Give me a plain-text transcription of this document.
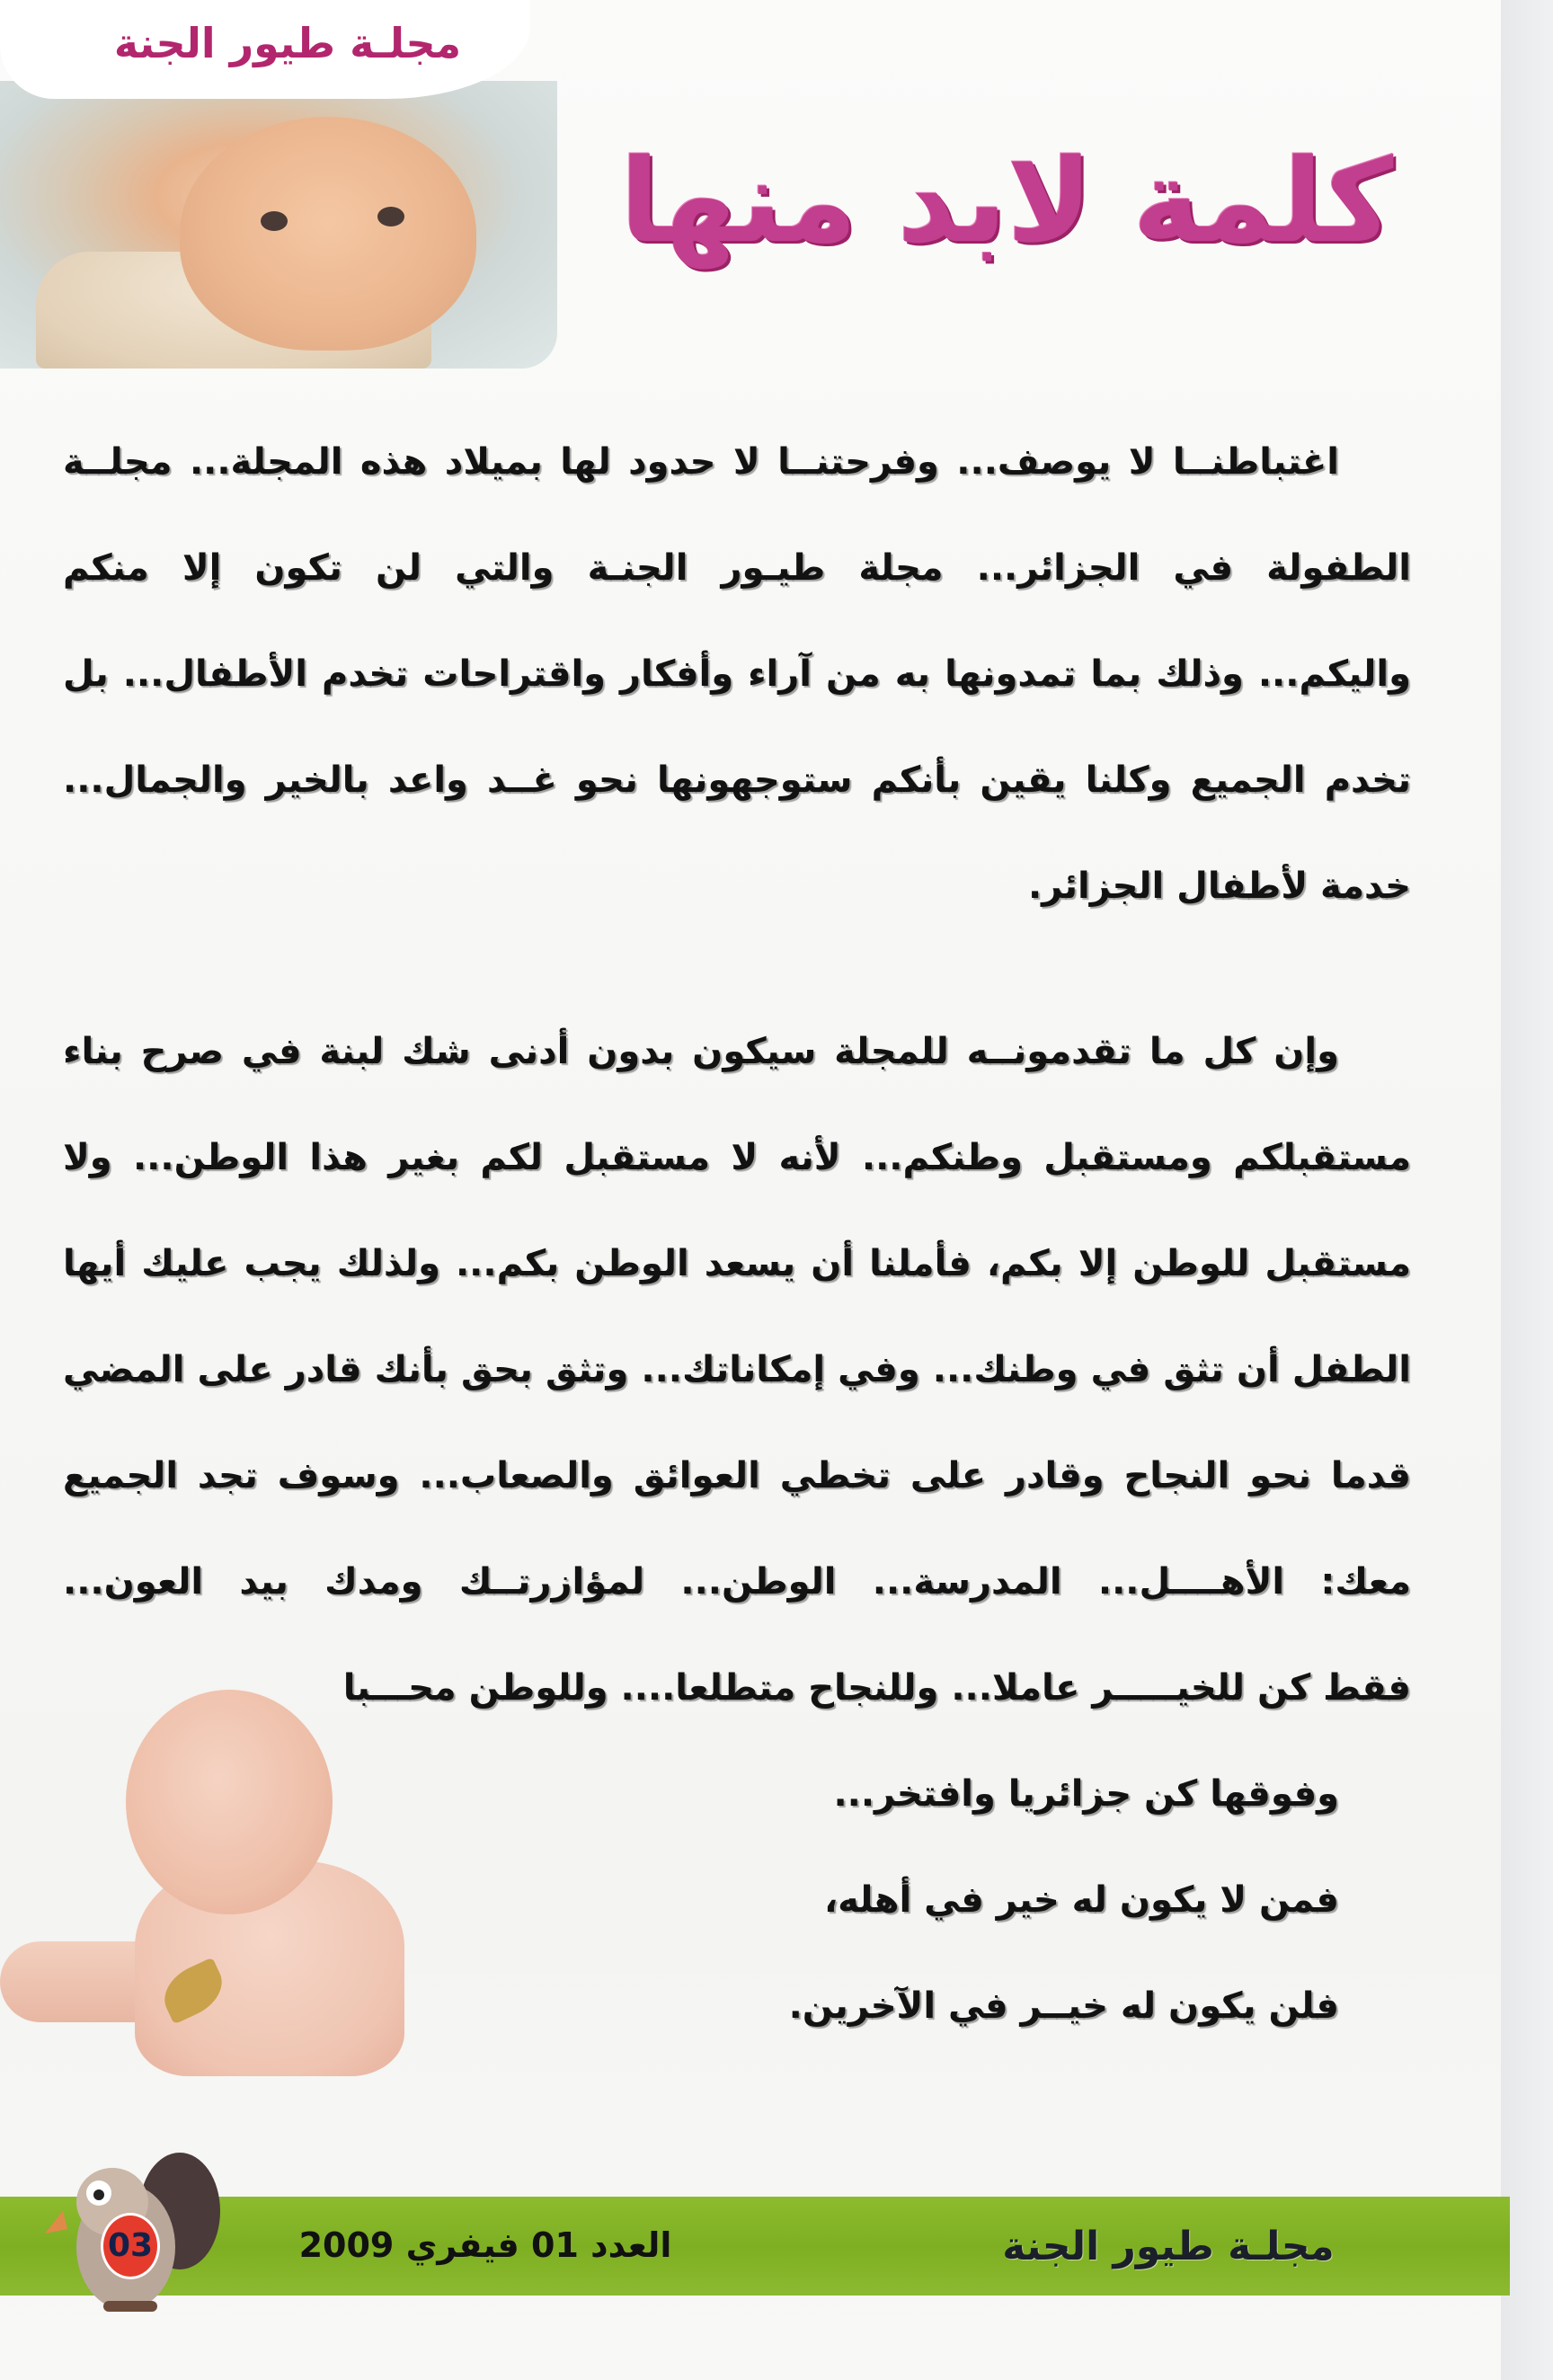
مجلـة طيور الجنة
كلمة لابد منها
اغتباطنــا لا يوصف... وفرحتنــا لا حدود لها بميلاد هذه المجلة... مجلــة
الطفولة في الجزائر... مجلة طيـور الجنـة والتي لن تكون إلا منكم
واليكم... وذلك بما تمدونها به من آراء وأفكار واقتراحات تخدم الأطفال... بل
تخدم الجميع وكلنا يقين بأنكم ستوجهونها نحو غــد واعد بالخير والجمال...
خدمة لأطفال الجزائر.
وإن كل ما تقدمونــه للمجلة سيكون بدون أدنى شك لبنة في صرح بناء
مستقبلكم ومستقبل وطنكم... لأنه لا مستقبل لكم بغير هذا الوطن... ولا
مستقبل للوطن إلا بكم، فأملنا أن يسعد الوطن بكم... ولذلك يجب عليك أيها
الطفل أن تثق في وطنك... وفي إمكاناتك... وتثق بحق بأنك قادر على المضي
قدما نحو النجاح وقادر على تخطي العوائق والصعاب... وسوف تجد الجميع
معك: الأهــــل... المدرسة... الوطن... لمؤازرتــك ومدك بيد العون...
فقط كن للخيـــــر عاملا... وللنجاح متطلعا.... وللوطن محـــبا
وفوقها كن جزائريا وافتخر...
فمن لا يكون له خير في أهله،
فلن يكون له خيــر في الآخرين.
03	العدد 01 فيفري 2009	مجلـة طيور الجنة
